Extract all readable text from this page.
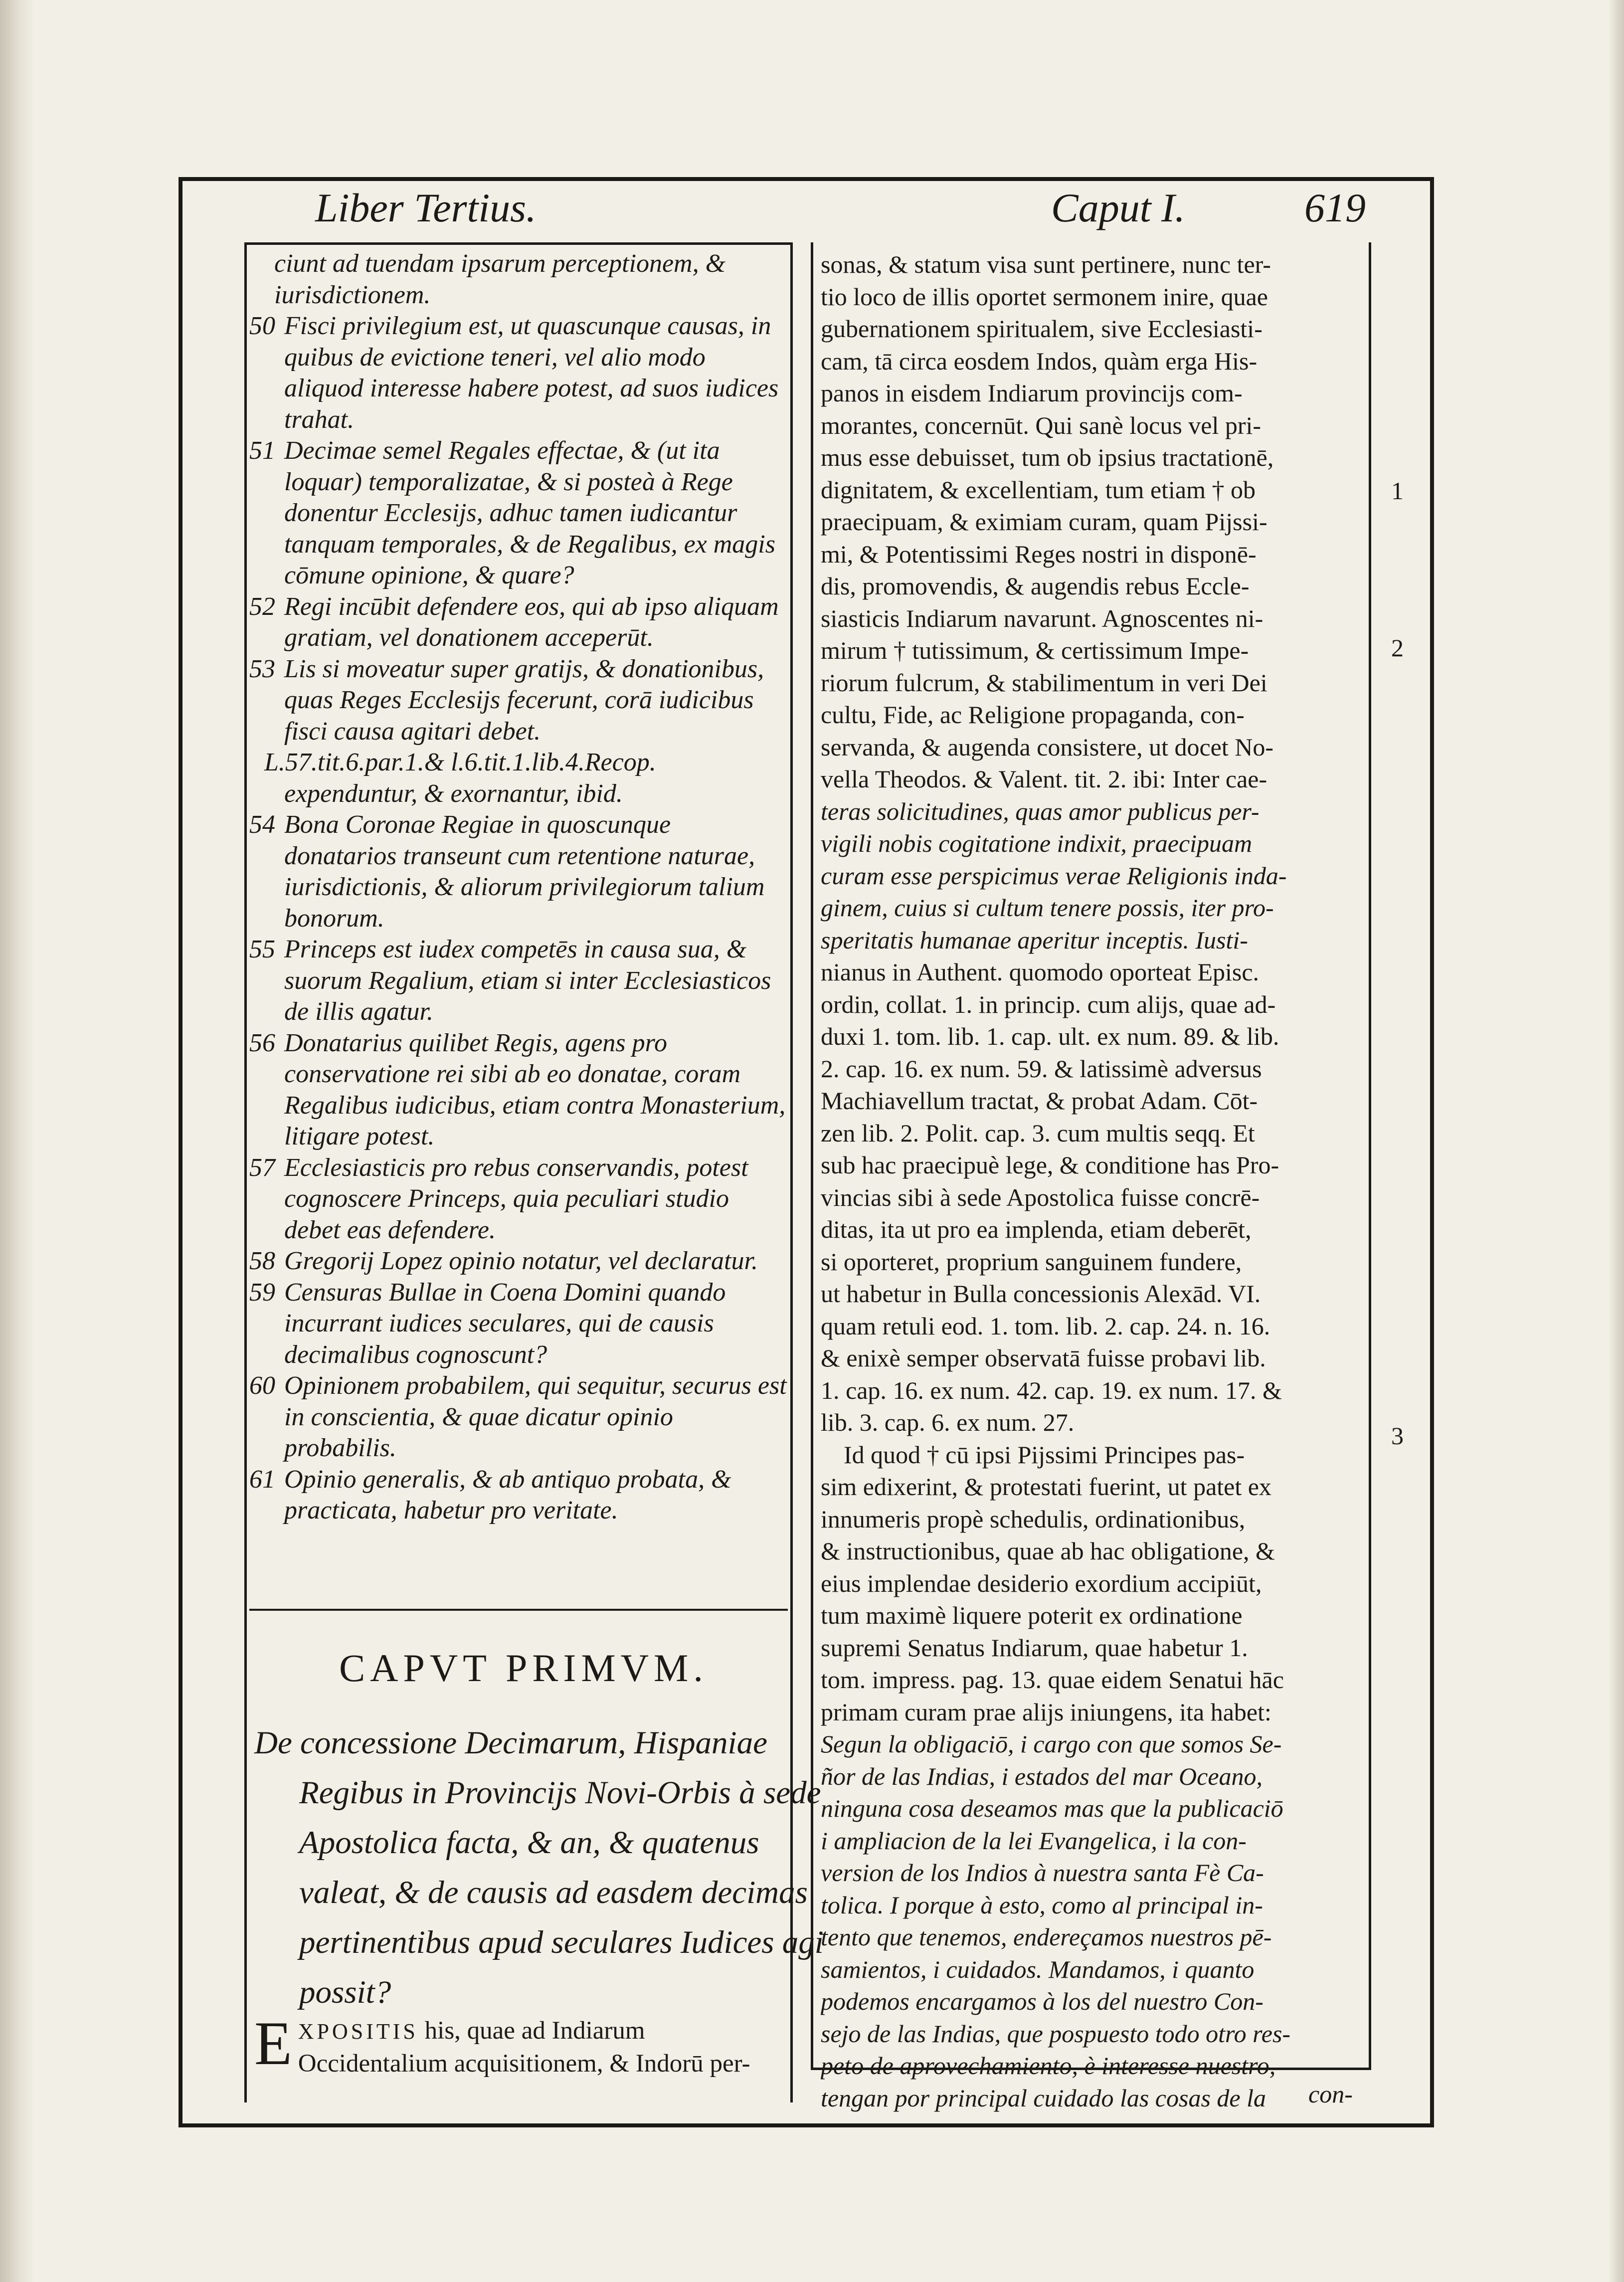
Liber Tertius.	Caput I.	619

ciunt ad tuendam ipsarum perceptionem, & iurisdictionem.

50 Fisci privilegium est, ut quascunque causas, in quibus de evictione teneri, vel alio modo aliquod interesse habere potest, ad suos iudices trahat.

51 Decimae semel Regales effectae, & (ut ita loquar) temporalizatae, & si posteà à Rege donentur Ecclesijs, adhuc tamen iudicantur tanquam temporales, & de Regalibus, ex magis cōmune opinione, & quare?

52 Regi incūbit defendere eos, qui ab ipso aliquam gratiam, vel donationem acceperūt.

53 Lis si moveatur super gratijs, & donationibus, quas Reges Ecclesijs fecerunt, corā iudicibus fisci causa agitari debet.

L.57.tit.6.par.1.& l.6.tit.1.lib.4.Recop. expenduntur, & exornantur, ibid.

54 Bona Coronae Regiae in quoscunque donatarios transeunt cum retentione naturae, iurisdictionis, & aliorum privilegiorum talium bonorum.

55 Princeps est iudex competēs in causa sua, & suorum Regalium, etiam si inter Ecclesiasticos de illis agatur.

56 Donatarius quilibet Regis, agens pro conservatione rei sibi ab eo donatae, coram Regalibus iudicibus, etiam contra Monasterium, litigare potest.

57 Ecclesiasticis pro rebus conservandis, potest cognoscere Princeps, quia peculiari studio debet eas defendere.

58 Gregorij Lopez opinio notatur, vel declaratur.

59 Censuras Bullae in Coena Domini quando incurrant iudices seculares, qui de causis decimalibus cognoscunt?

60 Opinionem probabilem, qui sequitur, securus est in conscientia, & quae dicatur opinio probabilis.

61 Opinio generalis, & ab antiquo probata, & practicata, habetur pro veritate.

CAPVT PRIMVM.
De concessione Decimarum, Hispaniae Regibus in Provincijs Novi-Orbis à sede Apostolica facta, & an, & quatenus valeat, & de causis ad easdem decimas pertinentibus apud seculares Iudices agi possit?
EXPOSITIS his, quae ad Indiarum Occidentalium acquisitionem, & Indorū per-
sonas, & statum visa sunt pertinere, nunc ter-
tio loco de illis oportet sermonem inire, quae
gubernationem spiritualem, sive Ecclesiasti-
cam, tā circa eosdem Indos, quàm erga His-
panos in eisdem Indiarum provincijs com-
morantes, concernūt. Qui sanè locus vel pri-
mus esse debuisset, tum ob ipsius tractationē,
dignitatem, & excellentiam, tum etiam † ob
praecipuam, & eximiam curam, quam Pijssi-
mi, & Potentissimi Reges nostri in disponē-
dis, promovendis, & augendis rebus Eccle-
siasticis Indiarum navarunt. Agnoscentes ni-
mirum † tutissimum, & certissimum Impe-
riorum fulcrum, & stabilimentum in veri Dei
cultu, Fide, ac Religione propaganda, con-
servanda, & augenda consistere, ut docet No-
vella Theodos. & Valent. tit. 2. ibi: Inter cae-
teras solicitudines, quas amor publicus per-
vigili nobis cogitatione indixit, praecipuam
curam esse perspicimus verae Religionis inda-
ginem, cuius si cultum tenere possis, iter pro-
speritatis humanae aperitur inceptis. Iusti-
nianus in Authent. quomodo oporteat Episc.
ordin, collat. 1. in princip. cum alijs, quae ad-
duxi 1. tom. lib. 1. cap. ult. ex num. 89. & lib.
2. cap. 16. ex num. 59. & latissimè adversus
Machiavellum tractat, & probat Adam. Cōt-
zen lib. 2. Polit. cap. 3. cum multis seqq. Et
sub hac praecipuè lege, & conditione has Pro-
vincias sibi à sede Apostolica fuisse concrē-
ditas, ita ut pro ea implenda, etiam deberēt,
si oporteret, proprium sanguinem fundere,
ut habetur in Bulla concessionis Alexād. VI.
quam retuli eod. 1. tom. lib. 2. cap. 24. n. 16.
& enixè semper observatā fuisse probavi lib.
1. cap. 16. ex num. 42. cap. 19. ex num. 17. &
lib. 3. cap. 6. ex num. 27.
Id quod † cū ipsi Pijssimi Principes pas-
sim edixerint, & protestati fuerint, ut patet ex
innumeris propè schedulis, ordinationibus,
& instructionibus, quae ab hac obligatione, &
eius implendae desiderio exordium accipiūt,
tum maximè liquere poterit ex ordinatione
supremi Senatus Indiarum, quae habetur 1.
tom. impress. pag. 13. quae eidem Senatui hāc
primam curam prae alijs iniungens, ita habet:
Segun la obligaciō, i cargo con que somos Se-
ñor de las Indias, i estados del mar Oceano,
ninguna cosa deseamos mas que la publicaciō
i ampliacion de la lei Evangelica, i la con-
version de los Indios à nuestra santa Fè Ca-
tolica. I porque à esto, como al principal in-
tento que tenemos, endereçamos nuestros pē-
samientos, i cuidados. Mandamos, i quanto
podemos encargamos à los del nuestro Con-
sejo de las Indias, que pospuesto todo otro res-
peto de aprovechamiento, è interesse nuestro,
tengan por principal cuidado las cosas de la	con-
1
2
3
